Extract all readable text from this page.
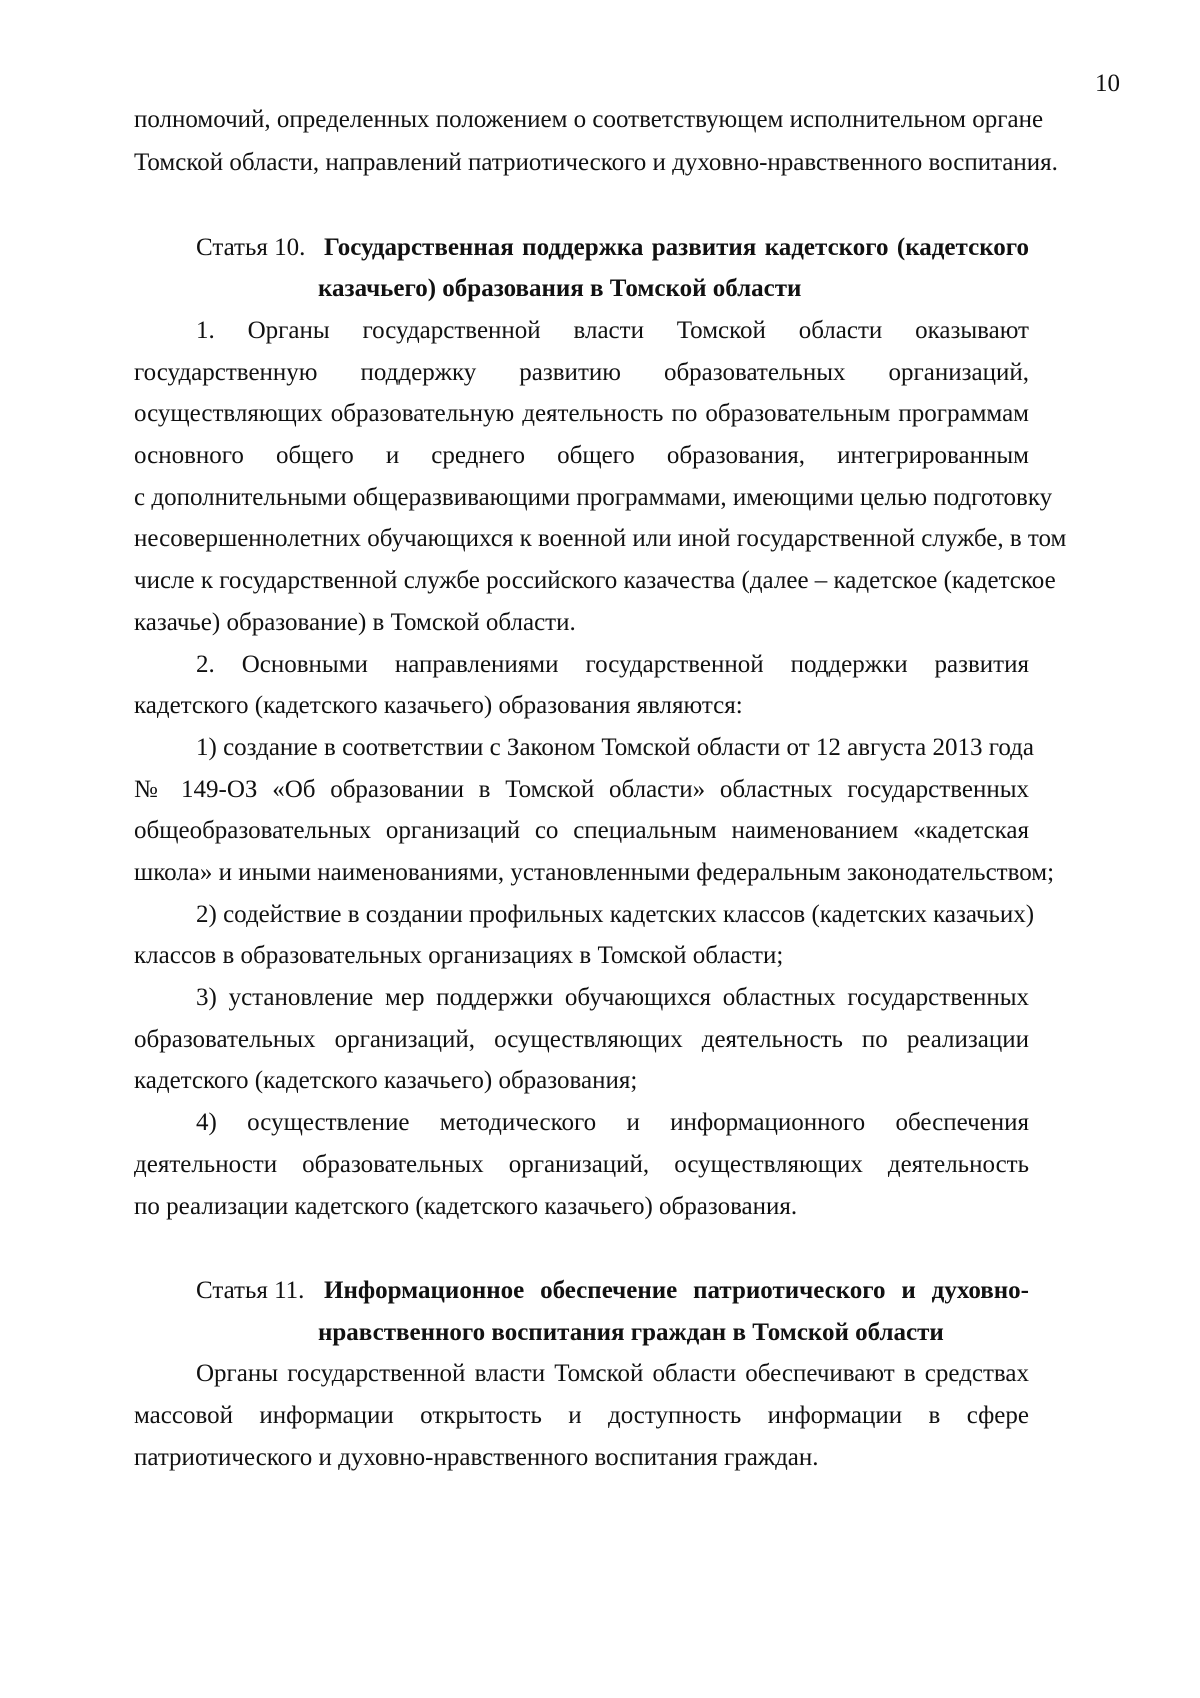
10
полномочий, определенных положением о соответствующем исполнительном органе
Томской области, направлений патриотического и духовно-нравственного воспитания.
Статья 10. Государственная поддержка развития кадетского (кадетского
казачьего) образования в Томской области
1. Органы государственной власти Томской области оказывают
государственную поддержку развитию образовательных организаций,
осуществляющих образовательную деятельность по образовательным программам
основного общего и среднего общего образования, интегрированным
с дополнительными общеразвивающими программами, имеющими целью подготовку
несовершеннолетних обучающихся к военной или иной государственной службе, в том
числе к государственной службе российского казачества (далее – кадетское (кадетское
казачье) образование) в Томской области.
2. Основными направлениями государственной поддержки развития
кадетского (кадетского казачьего) образования являются:
1) создание в соответствии с Законом Томской области от 12 августа 2013 года
№ 149-ОЗ «Об образовании в Томской области» областных государственных
общеобразовательных организаций со специальным наименованием «кадетская
школа» и иными наименованиями, установленными федеральным законодательством;
2) содействие в создании профильных кадетских классов (кадетских казачьих)
классов в образовательных организациях в Томской области;
3) установление мер поддержки обучающихся областных государственных
образовательных организаций, осуществляющих деятельность по реализации
кадетского (кадетского казачьего) образования;
4) осуществление методического и информационного обеспечения
деятельности образовательных организаций, осуществляющих деятельность
по реализации кадетского (кадетского казачьего) образования.
Статья 11. Информационное обеспечение патриотического и духовно-
нравственного воспитания граждан в Томской области
Органы государственной власти Томской области обеспечивают в средствах
массовой информации открытость и доступность информации в сфере
патриотического и духовно-нравственного воспитания граждан.
